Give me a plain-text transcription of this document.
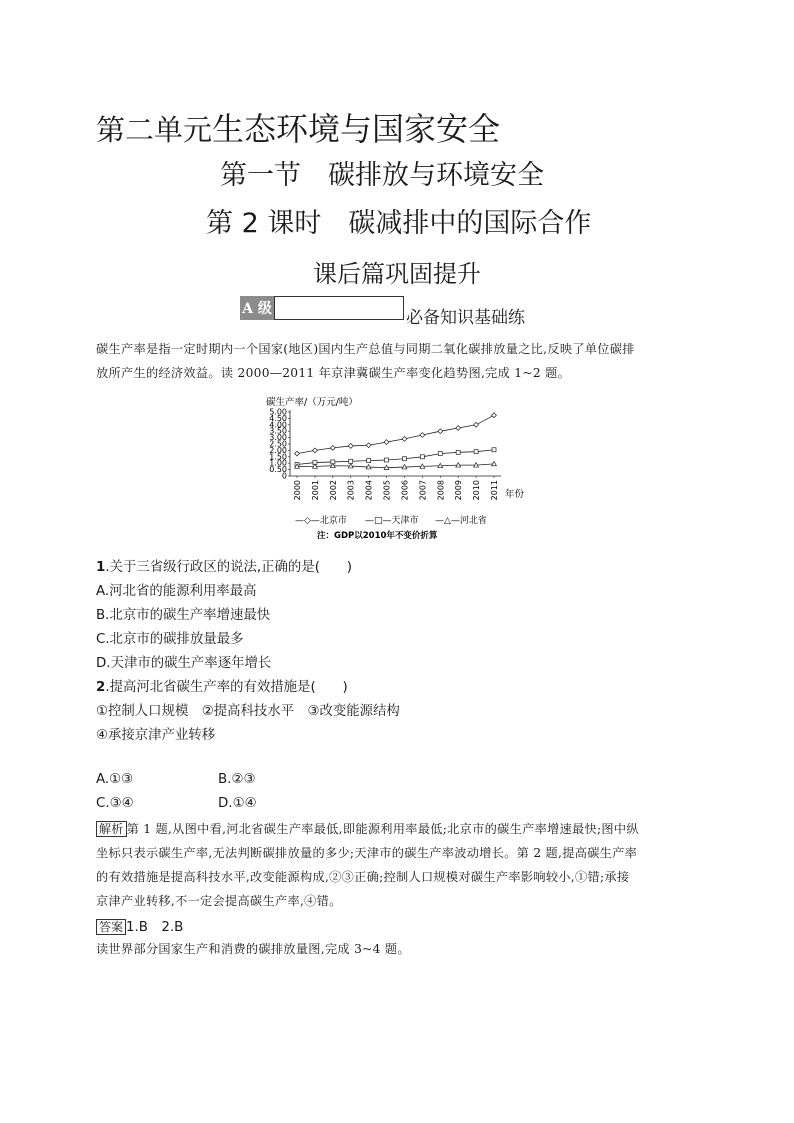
第二单元生态环境与国家安全
第一节　碳排放与环境安全
第 2 课时　碳减排中的国际合作
课后篇巩固提升
A 级	必备知识基础练
碳生产率是指一定时期内一个国家(地区)国内生产总值与同期二氧化碳排放量之比,反映了单位碳排
放所产生的经济效益。读 2000—2011 年京津冀碳生产率变化趋势图,完成 1~2 题。
碳生产率/（万元/吨）
5.00
4.50
4.00
3.50
3.00
2.50
2.00
1.50
1.00
0.50
0
2000 2001 2002 2003 2004 2005 2006 2007 2008 2009 2010 2011 年份
—◇—北京市 —□—天津市 —△—河北省
注：GDP以2010年不变价折算
1.关于三省级行政区的说法,正确的是(　　)
A.河北省的能源利用率最高
B.北京市的碳生产率增速最快
C.北京市的碳排放量最多
D.天津市的碳生产率逐年增长
2.提高河北省碳生产率的有效措施是(　　)
①控制人口规模　②提高科技水平　③改变能源结构
④承接京津产业转移
A.①③	B.②③
C.③④	D.①④
解析 第 1 题,从图中看,河北省碳生产率最低,即能源利用率最低;北京市的碳生产率增速最快;图中纵
坐标只表示碳生产率,无法判断碳排放量的多少;天津市的碳生产率波动增长。第 2 题,提高碳生产率
的有效措施是提高科技水平,改变能源构成,②③正确;控制人口规模对碳生产率影响较小,①错;承接
京津产业转移,不一定会提高碳生产率,④错。
答案 1.B　2.B
读世界部分国家生产和消费的碳排放量图,完成 3~4 题。
